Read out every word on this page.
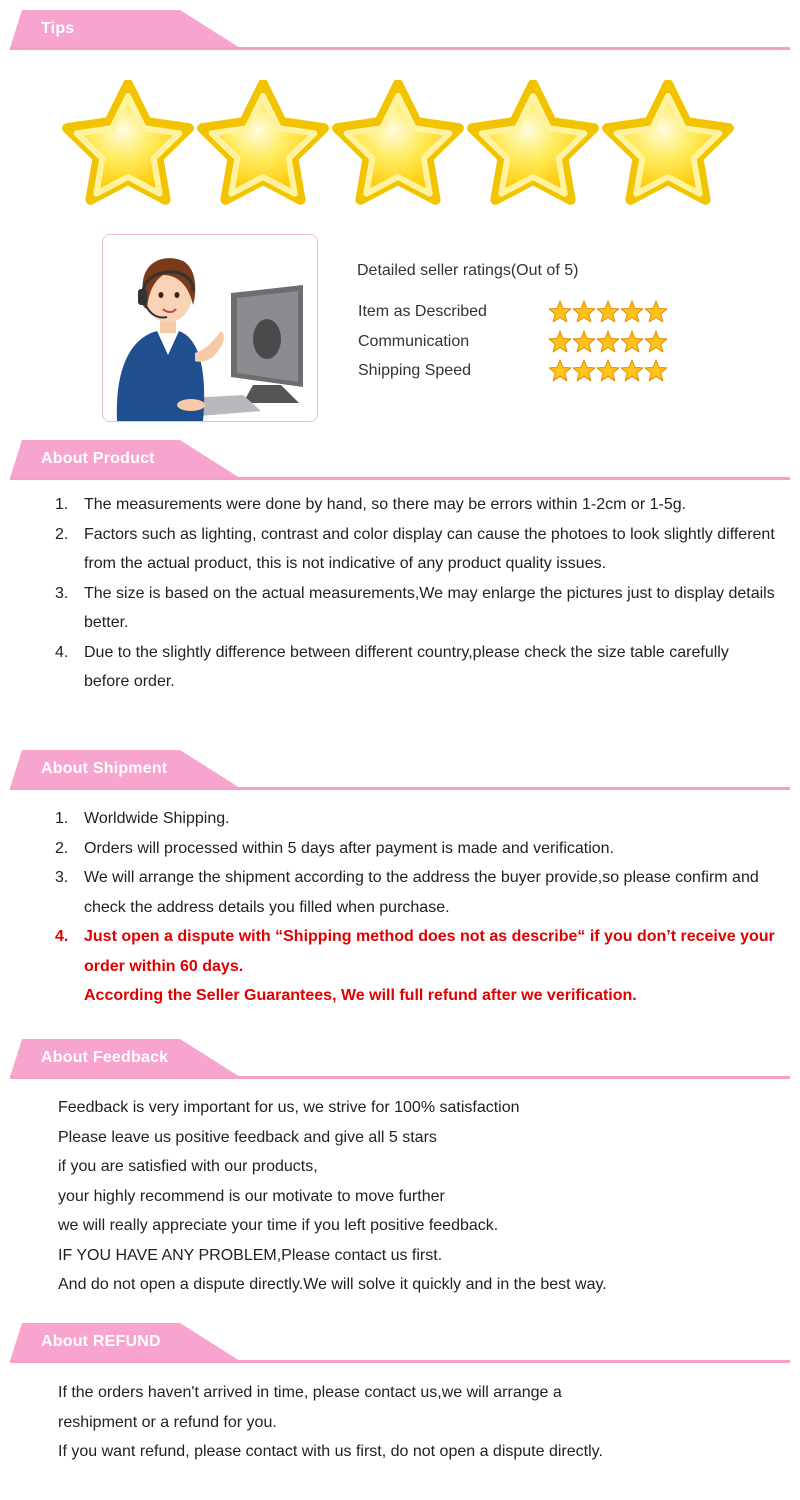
Tips
Detailed seller ratings(Out of 5)
Item as Described
Communication
Shipping Speed
About Product
1. The measurements were done by hand, so there may be errors within 1-2cm or 1-5g.
2. Factors such as lighting, contrast and color display can cause the photoes to look slightly different from the actual product, this is not indicative of any product quality issues.
3. The size is based on the actual measurements,We may enlarge the pictures just to display details better.
4. Due to the slightly difference between different country,please check the size table carefully before order.
About Shipment
1. Worldwide Shipping.
2. Orders will processed within 5 days after payment is made and verification.
3. We will arrange the shipment according to the address the buyer provide,so please confirm and check the address details you filled when purchase.
4. Just open a dispute with “Shipping method does not as describe“ if you don’t receive your order within 60 days.
According the Seller Guarantees, We will full refund after we verification.
About Feedback
Feedback is very important for us, we strive for 100% satisfaction
Please leave us positive feedback and give all 5 stars
if you are satisfied with our products,
your highly recommend is our motivate to move further
we will really appreciate your time if you left positive feedback.
IF YOU HAVE ANY PROBLEM,Please contact us first.
And do not open a dispute directly.We will solve it quickly and in the best way.
About REFUND
If the orders haven't arrived in time, please contact us,we will arrange a
reshipment or a refund for you.
If you want refund, please contact with us first, do not open a dispute directly.
